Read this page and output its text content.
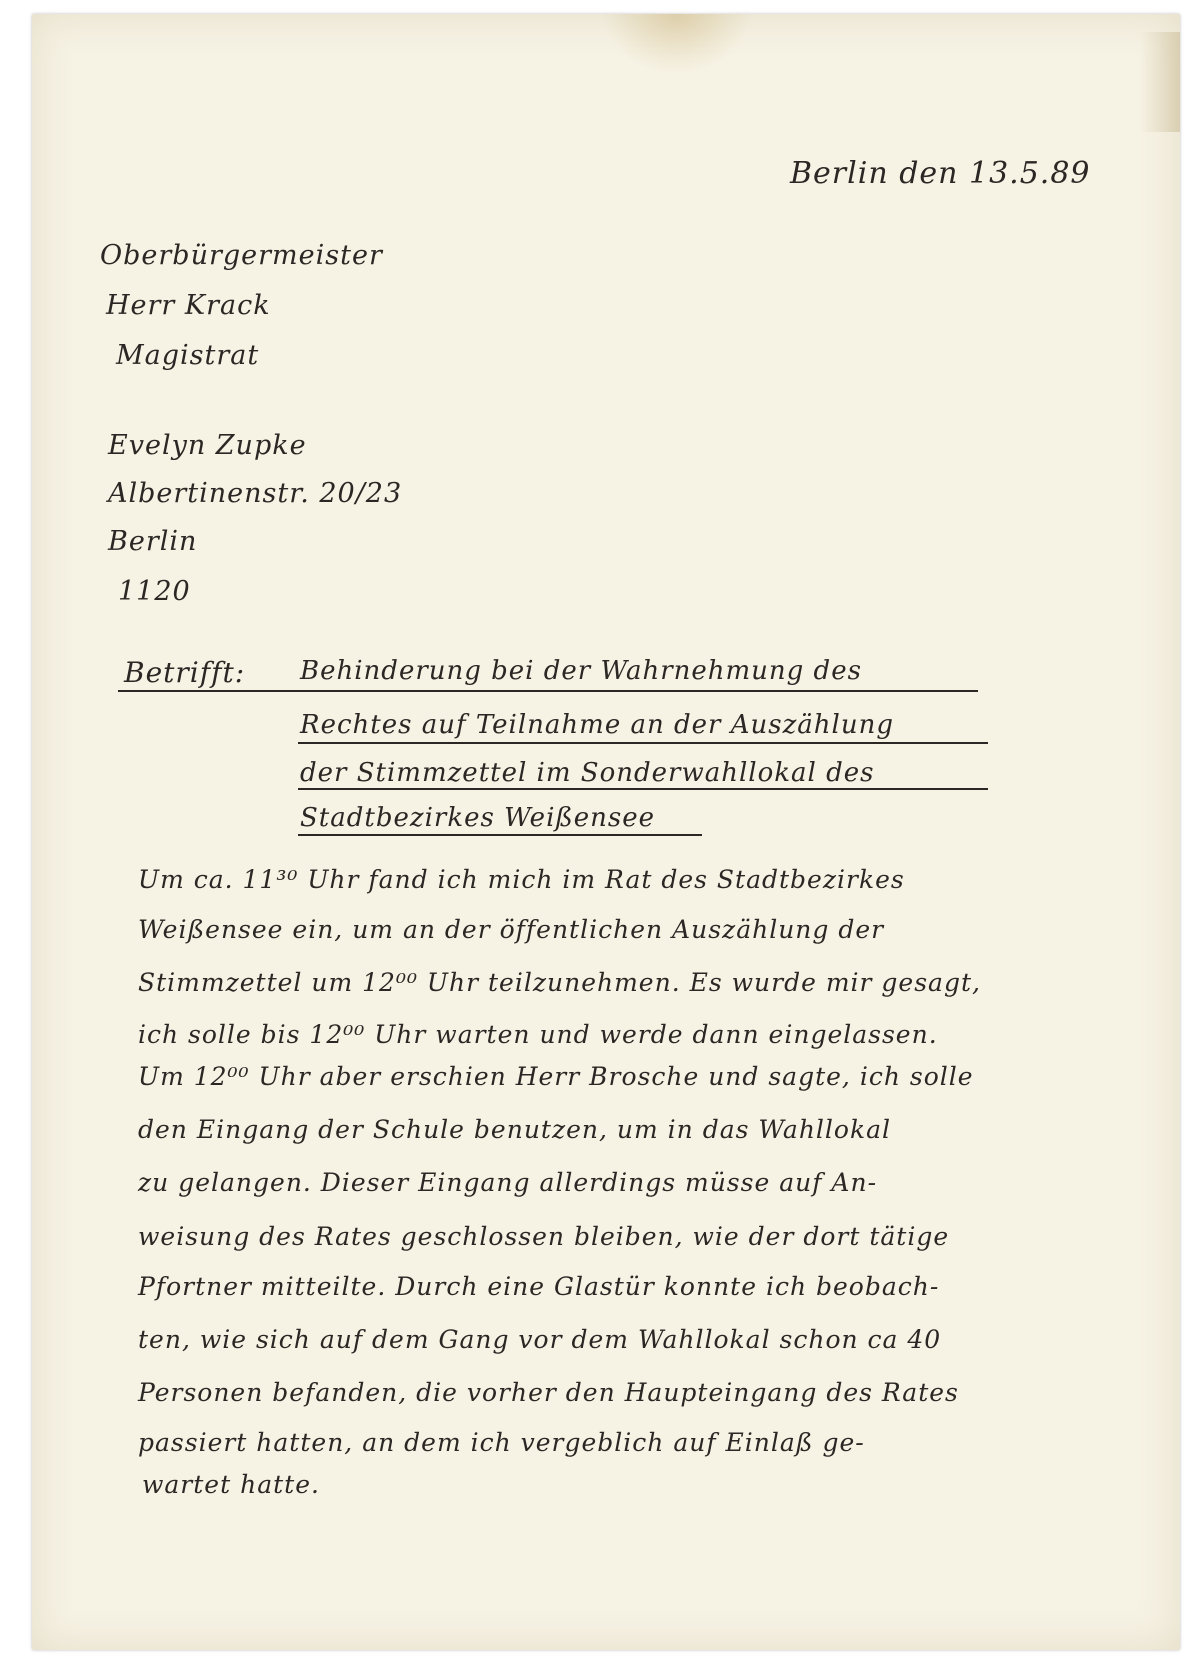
Berlin den 13.5.89
Oberbürgermeister
Herr Krack
Magistrat
Evelyn Zupke
Albertinenstr. 20/23
Berlin
1120
Betrifft: Behinderung bei der Wahrnehmung des
Rechtes auf Teilnahme an der Auszählung
der Stimmzettel im Sonderwahllokal des
Stadtbezirkes Weißensee
Um ca. 11³⁰ Uhr fand ich mich im Rat des Stadtbezirkes
Weißensee ein, um an der öffentlichen Auszählung der
Stimmzettel um 12⁰⁰ Uhr teilzunehmen. Es wurde mir gesagt,
ich solle bis 12⁰⁰ Uhr warten und werde dann eingelassen.
Um 12⁰⁰ Uhr aber erschien Herr Brosche und sagte, ich solle
den Eingang der Schule benutzen, um in das Wahllokal
zu gelangen. Dieser Eingang allerdings müsse auf An-
weisung des Rates geschlossen bleiben, wie der dort tätige
Pfortner mitteilte. Durch eine Glastür konnte ich beobach-
ten, wie sich auf dem Gang vor dem Wahllokal schon ca 40
Personen befanden, die vorher den Haupteingang des Rates
passiert hatten, an dem ich vergeblich auf Einlaß ge-
wartet hatte.
